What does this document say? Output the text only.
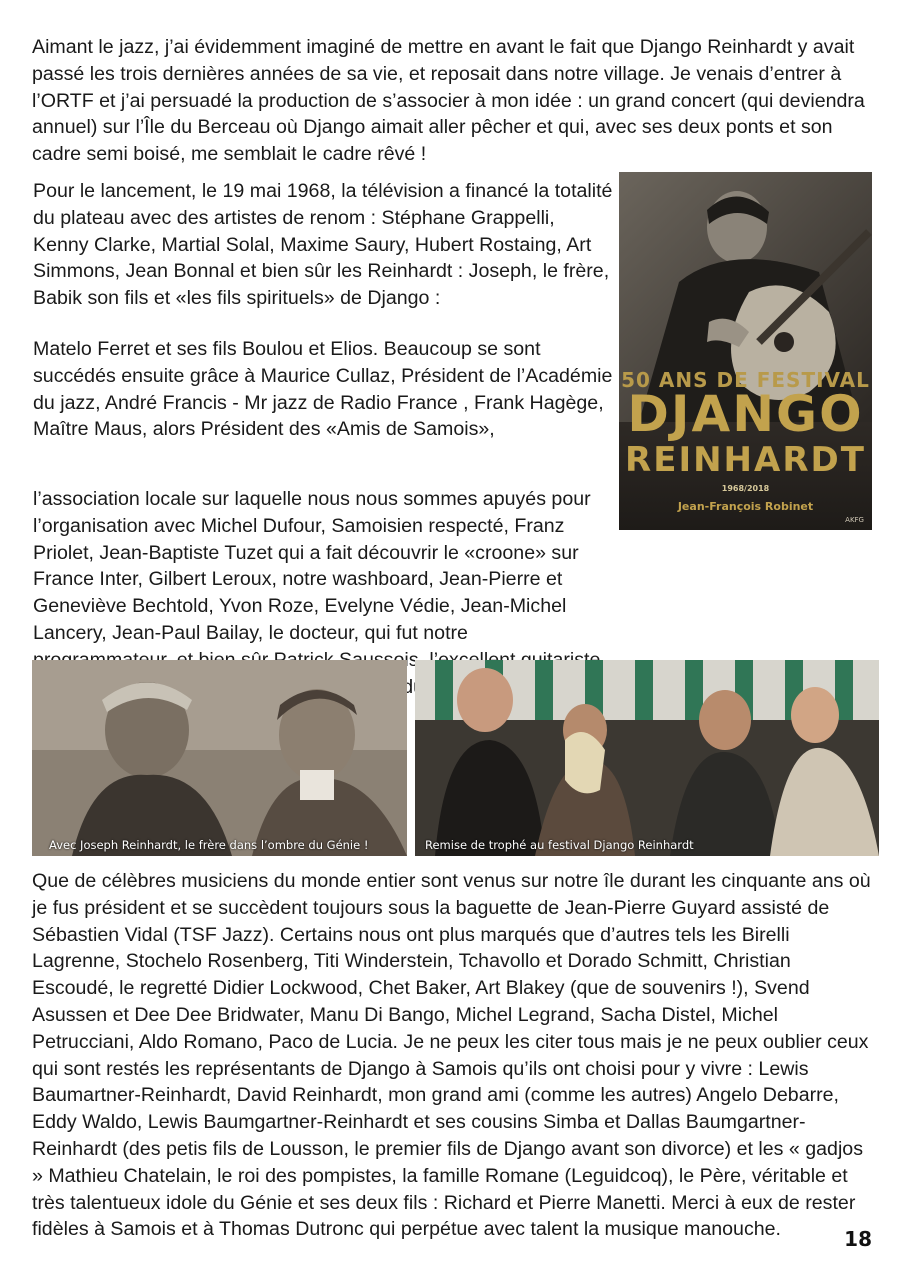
Aimant le jazz, j’ai évidemment imaginé de mettre en avant le fait que Django Reinhardt y avait passé les trois dernières années de sa vie, et reposait dans notre village. Je venais d’entrer à l’ORTF et j’ai persuadé la production de s’associer à mon idée : un grand concert (qui deviendra annuel) sur l’Île du Berceau où Django aimait aller pêcher et qui, avec ses deux ponts et son cadre semi boisé, me semblait le cadre rêvé !

Pour le lancement, le 19 mai 1968, la télévision a financé la totalité du plateau avec des artistes de renom : Stéphane Grappelli, Kenny Clarke, Martial Solal, Maxime Saury, Hubert Rostaing, Art Simmons, Jean Bonnal et bien sûr les Reinhardt : Joseph, le frère, Babik son fils et «les fils spirituels» de Django :

Matelo Ferret et ses fils Boulou et Elios. Beaucoup se sont succédés ensuite grâce à Maurice Cullaz, Président de l’Académie du jazz, André Francis - Mr jazz de Radio France , Frank Hagège, Maître Maus, alors Président des «Amis de Samois»,

l’association locale sur laquelle nous nous sommes apuyés pour l’organisation avec Michel Dufour, Samoisien respecté, Franz Priolet, Jean-Baptiste Tuzet qui a fait découvrir le «croone» sur France Inter, Gilbert Leroux, notre washboard, Jean-Pierre et Geneviève Bechtold, Yvon Roze, Evelyne Védie, Jean-Michel Lancery, Jean-Paul Bailay, le docteur, qui fut notre du
50 ANS DE FESTIVAL
DJANGO
REINHARDT
1968/2018
Jean-François Robinet
AKFG
Avec Joseph Reinhardt, le frère dans l’ombre du Génie !	Remise de trophé au festival Django Reinhardt

Que de célèbres musiciens du monde entier sont venus sur notre île durant les cinquante ans où je fus président et se succèdent toujours sous la baguette de Jean-Pierre Guyard assisté de Sébastien Vidal (TSF Jazz). Certains nous ont plus marqués que d’autres tels les Birelli Lagrenne, Stochelo Rosenberg, Titi Winderstein, Tchavollo et Dorado Schmitt, Christian Escoudé, le regretté Didier Lockwood, Chet Baker, Art Blakey (que de souvenirs !), Svend Asussen et Dee Dee Bridwater, Manu Di Bango, Michel Legrand, Sacha Distel, Michel Petrucciani, Aldo Romano, Paco de Lucia. Je ne peux les citer tous mais je ne peux oublier ceux qui sont restés les représentants de Django à Samois qu’ils ont choisi pour y vivre : Lewis Baumartner-Reinhardt, David Reinhardt, mon grand ami (comme les autres) Angelo Debarre, Eddy Waldo, Lewis Baumgartner-Reinhardt et ses cousins Simba et Dallas Baumgartner-Reinhardt (des petis fils de Lousson, le premier fils de Django avant son divorce) et les « gadjos » Mathieu Chatelain, le roi des pompistes, la famille Romane (Leguidcoq), le Père, véritable et très talentueux idole du Génie et ses deux fils : Richard et Pierre Manetti. Merci à eux de rester fidèles à Samois et à Thomas Dutronc qui perpétue avec talent la musique manouche.	18
